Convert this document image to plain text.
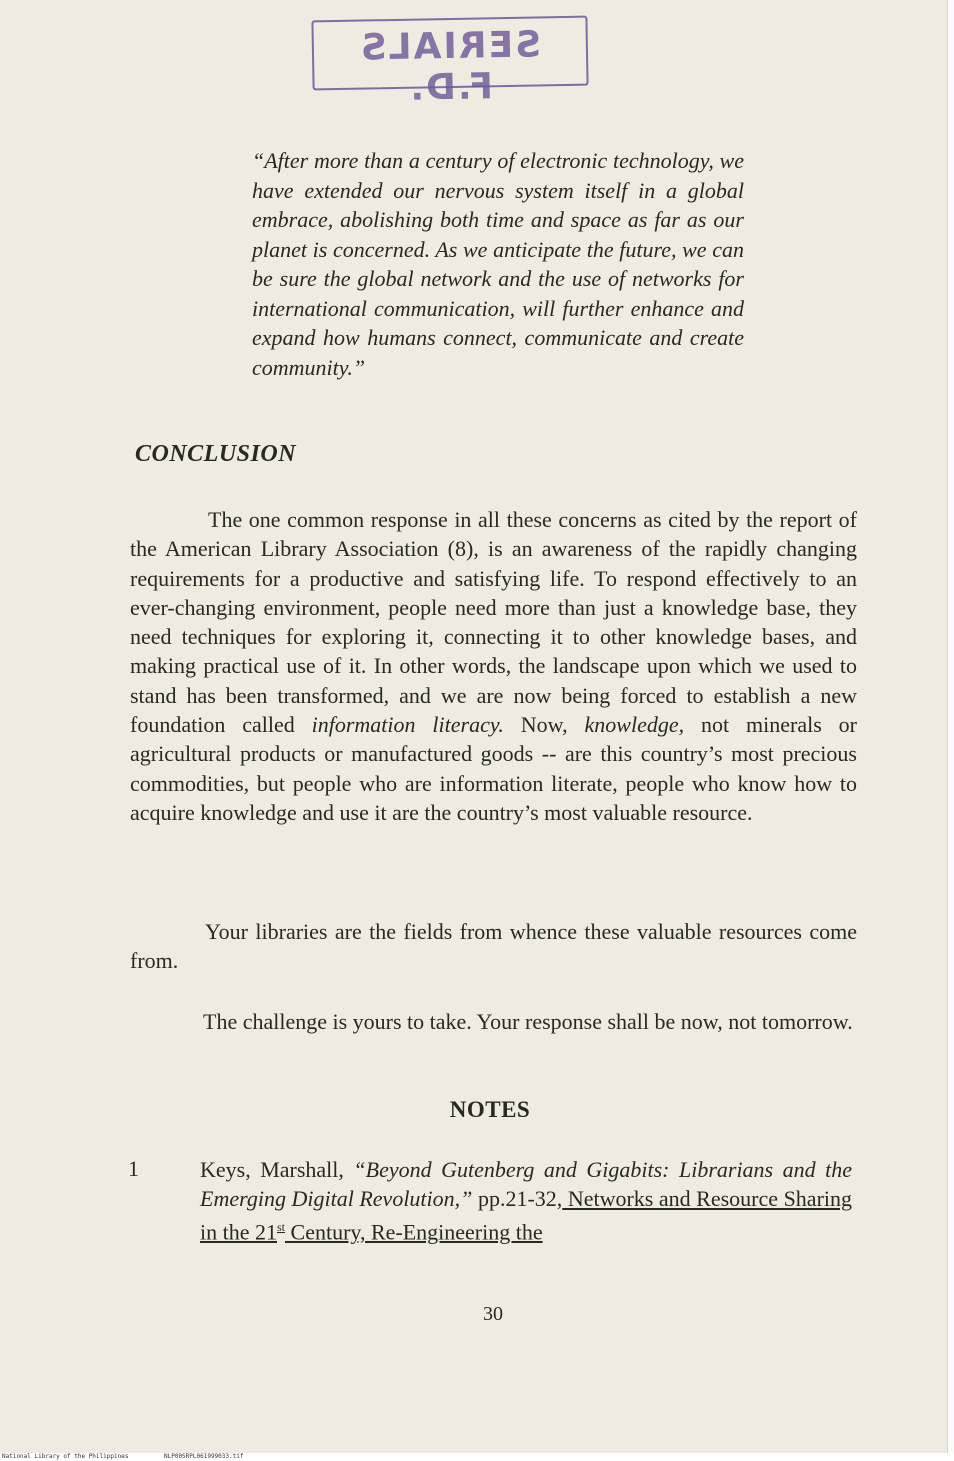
SERIALS F.D.
“After more than a century of electronic technology, we have extended our nervous system itself in a global embrace, abolishing both time and space as far as our planet is concerned. As we anticipate the future, we can be sure the global network and the use of networks for international communication, will further enhance and expand how humans connect, communicate and create community.”
CONCLUSION

The one common response in all these concerns as cited by the report of the American Library Association (8), is an awareness of the rapidly changing requirements for a productive and satisfying life. To respond effectively to an ever-changing environment, people need more than just a knowledge base, they need techniques for exploring it, connecting it to other knowledge bases, and making practical use of it. In other words, the landscape upon which we used to stand has been transformed, and we are now being forced to establish a new foundation called information literacy. Now, knowledge, not minerals or agricultural products or manufactured goods -- are this country’s most precious commodities, but people who are information literate, people who know how to acquire knowledge and use it are the country’s most valuable resource.

Your libraries are the fields from whence these valuable resources come from.

The challenge is yours to take. Your response shall be now, not tomorrow.

NOTES
1	Keys, Marshall, “Beyond Gutenberg and Gigabits: Librarians and the Emerging Digital Revolution,” pp.21-32, Networks and Resource Sharing in the 21st Century, Re-Engineering the
30
National Library of the Philippines	NLP00SRPL061999033.tif
